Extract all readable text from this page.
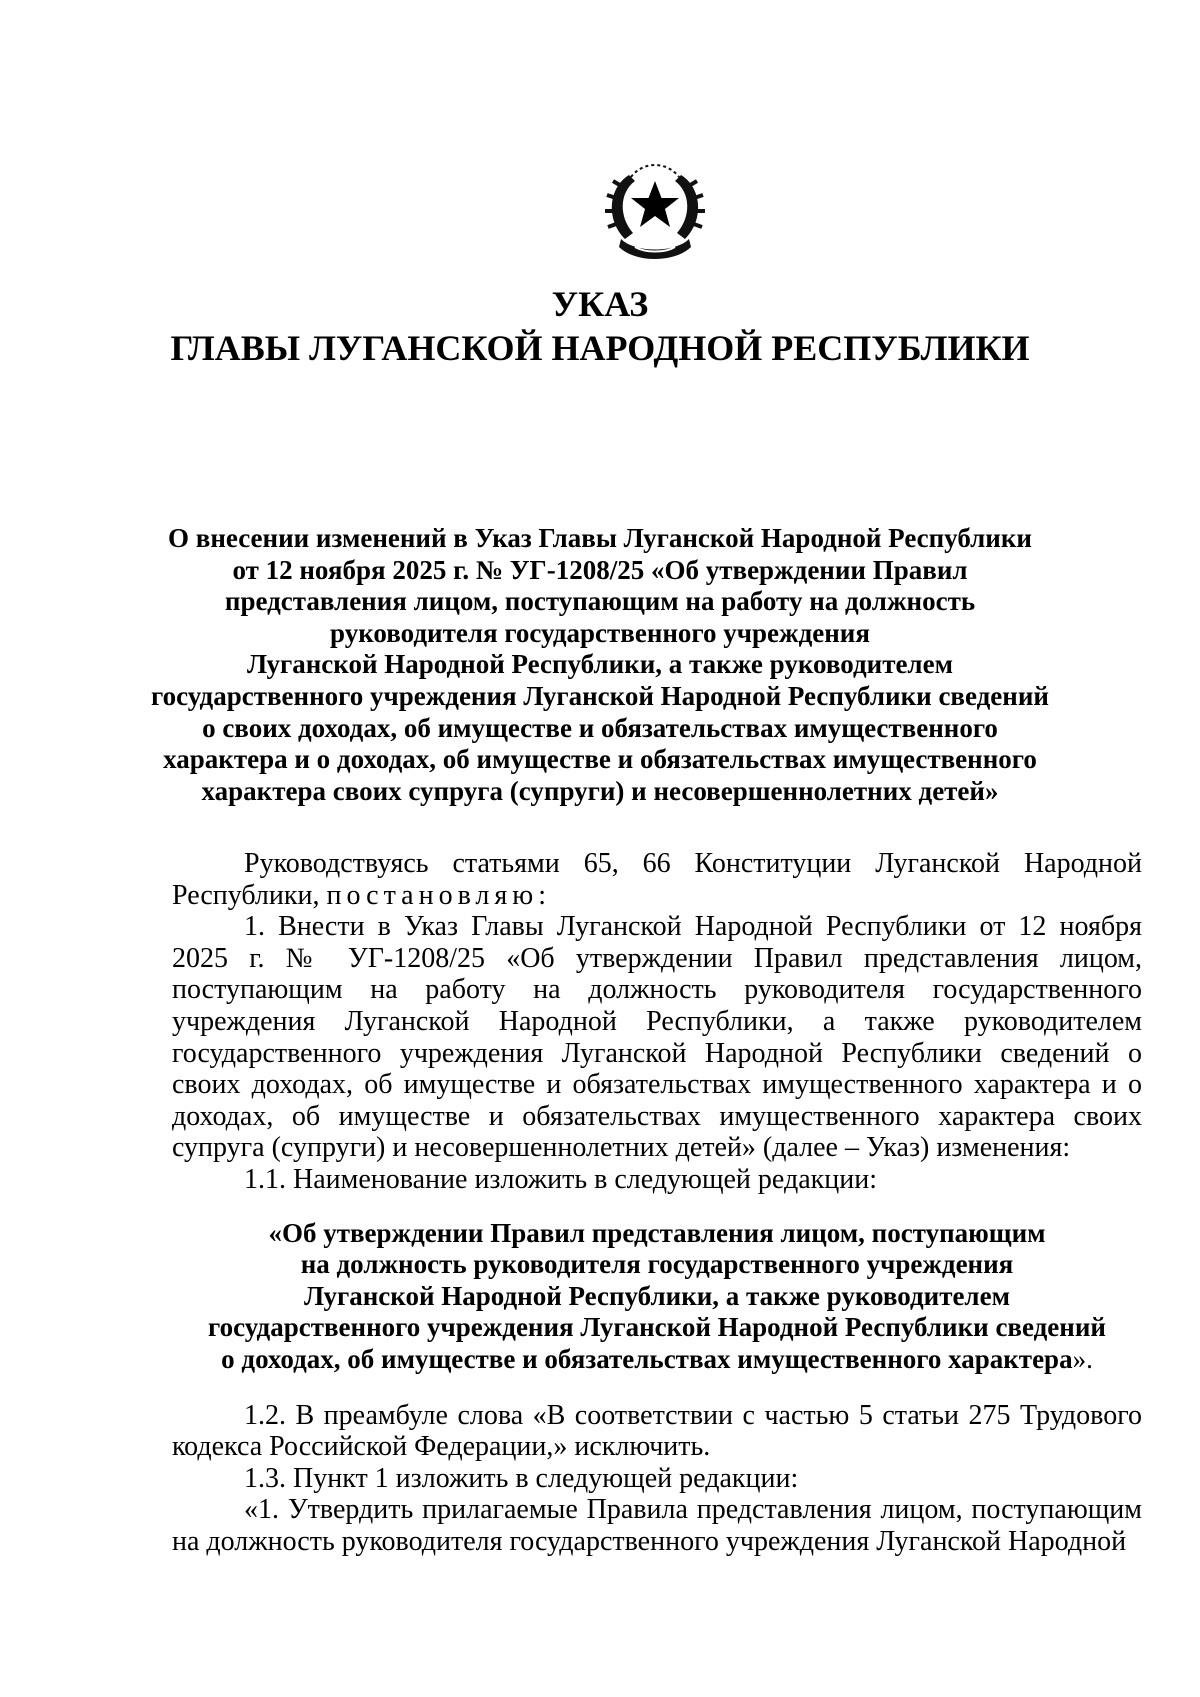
УКАЗ
ГЛАВЫ ЛУГАНСКОЙ НАРОДНОЙ РЕСПУБЛИКИ
О внесении изменений в Указ Главы Луганской Народной Республики
от 12 ноября 2025 г. № УГ-1208/25 «Об утверждении Правил
представления лицом, поступающим на работу на должность
руководителя государственного учреждения
Луганской Народной Республики, а также руководителем
государственного учреждения Луганской Народной Республики сведений
о своих доходах, об имуществе и обязательствах имущественного
характера и о доходах, об имуществе и обязательствах имущественного
характера своих супруга (супруги) и несовершеннолетних детей»

Руководствуясь статьями 65, 66 Конституции Луганской Народной Республики, постановляю:

1. Внести в Указ Главы Луганской Народной Республики от 12 ноября 2025 г. № УГ-1208/25 «Об утверждении Правил представления лицом, поступающим на работу на должность руководителя государственного учреждения Луганской Народной Республики, а также руководителем государственного учреждения Луганской Народной Республики сведений о своих доходах, об имуществе и обязательствах имущественного характера и о доходах, об имуществе и обязательствах имущественного характера своих супруга (супруги) и несовершеннолетних детей» (далее – Указ) изменения:

1.1. Наименование изложить в следующей редакции:

«Об утверждении Правил представления лицом, поступающим
на должность руководителя государственного учреждения
Луганской Народной Республики, а также руководителем
государственного учреждения Луганской Народной Республики сведений
о доходах, об имуществе и обязательствах имущественного характера».

1.2. В преамбуле слова «В соответствии с частью 5 статьи 275 Трудового кодекса Российской Федерации,» исключить.

1.3. Пункт 1 изложить в следующей редакции:

«1. Утвердить прилагаемые Правила представления лицом, поступающим на должность руководителя государственного учреждения Луганской Народной
